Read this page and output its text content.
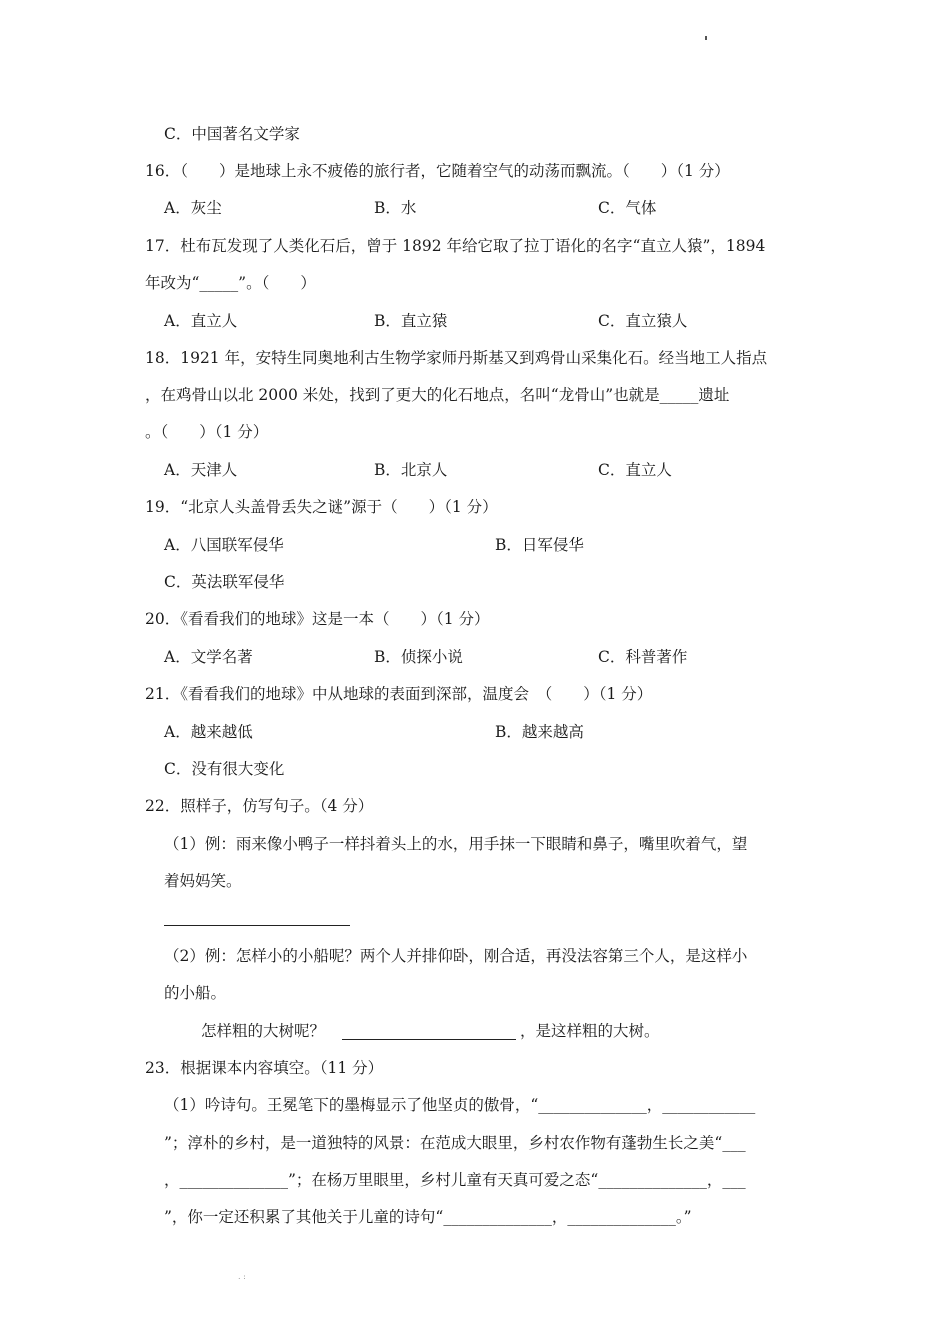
C．中国著名文学家
16．（　　）是地球上永不疲倦的旅行者，它随着空气的动荡而飘流。（　　）（1 分）
A．灰尘	B．水	C．气体
17．杜布瓦发现了人类化石后，曾于 1892 年给它取了拉丁语化的名字“直立人猿”，1894
年改为“_____”。（　　）
A．直立人	B．直立猿	C．直立猿人
18．1921 年，安特生同奥地利古生物学家师丹斯基又到鸡骨山采集化石。经当地工人指点
，在鸡骨山以北 2000 米处，找到了更大的化石地点，名叫“龙骨山”也就是_____遗址
。（　　）（1 分）
A．天津人	B．北京人	C．直立人
19．“北京人头盖骨丢失之谜”源于（　　）（1 分）
A．八国联军侵华	B．日军侵华
C．英法联军侵华
20．《看看我们的地球》这是一本（　　）（1 分）
A．文学名著	B．侦探小说	C．科普著作
21．《看看我们的地球》中从地球的表面到深部，温度会　（　　）（1 分）
A．越来越低	B．越来越高
C．没有很大变化
22．照样子，仿写句子。（4 分）
（1）例：雨来像小鸭子一样抖着头上的水，用手抹一下眼睛和鼻子，嘴里吹着气，望
着妈妈笑。
（2）例：怎样小的小船呢？两个人并排仰卧，刚合适，再没法容第三个人，是这样小
的小船。
怎样粗的大树呢？	，是这样粗的大树。
23．根据课本内容填空。（11 分）
（1）吟诗句。王冕笔下的墨梅显示了他坚贞的傲骨，“______________，____________
”；淳朴的乡村，是一道独特的风景：在范成大眼里，乡村农作物有蓬勃生长之美“___
，______________”；在杨万里眼里，乡村儿童有天真可爱之态“______________，___
”，你一定还积累了其他关于儿童的诗句“______________，______________。”
. :
